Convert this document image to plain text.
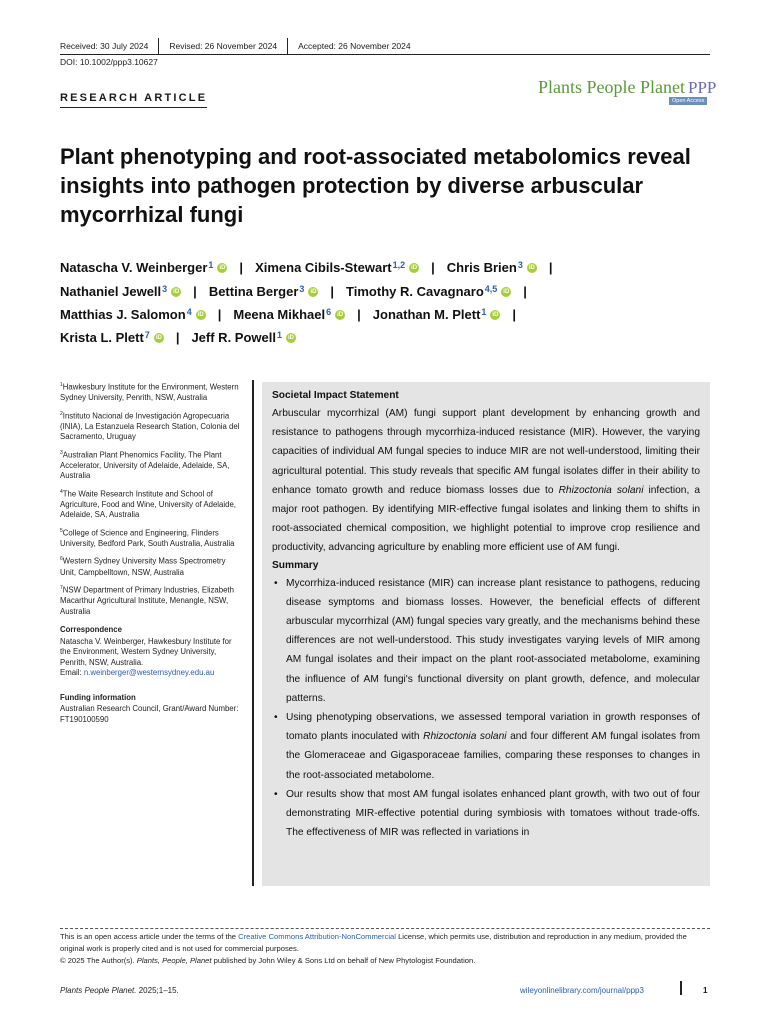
Received: 30 July 2024 Revised: 26 November 2024 Accepted: 26 November 2024
DOI: 10.1002/ppp3.10627
RESEARCH ARTICLE
Plants People Planet PPP
Open Access
Plant phenotyping and root-associated metabolomics reveal insights into pathogen protection by diverse arbuscular mycorrhizal fungi
Natascha V. Weinberger$^1$	iD | Ximena Cibils-Stewart$^{1,2}$	iD | Chris Brien$^3$	iD |
Nathaniel Jewell$^3$	iD | Bettina Berger$^3$	iD | Timothy R. Cavagnaro$^{4,5}$	iD |
Matthias J. Salomon$^4$	iD | Meena Mikhael$^6$	iD | Jonathan M. Plett$^1$	iD |
Krista L. Plett$^7$	iD | Jeff R. Powell$^1$	iD
$^1$Hawkesbury Institute for the Environment, Western Sydney University, Penrith, NSW, Australia
$^2$Instituto Nacional de Investigación Agropecuaria (INIA), La Estanzuela Research Station, Colonia del Sacramento, Uruguay
$^3$Australian Plant Phenomics Facility, The Plant Accelerator, University of Adelaide, Adelaide, SA, Australia
$^4$The Waite Research Institute and School of Agriculture, Food and Wine, University of Adelaide, Adelaide, SA, Australia
$^5$College of Science and Engineering, Flinders University, Bedford Park, South Australia, Australia
$^6$Western Sydney University Mass Spectrometry Unit, Campbelltown, NSW, Australia
$^7$NSW Department of Primary Industries, Elizabeth Macarthur Agricultural Institute, Menangle, NSW, Australia
Correspondence
Natascha V. Weinberger, Hawkesbury Institute for the Environment, Western Sydney University, Penrith, NSW, Australia.
Email: n.weinberger@westernsydney.edu.au
Funding information
Australian Research Council, Grant/Award Number: FT190100590
Societal Impact Statement

Arbuscular mycorrhizal (AM) fungi support plant development by enhancing growth and resistance to pathogens through mycorrhiza-induced resistance (MIR). However, the varying capacities of individual AM fungal species to induce MIR are not well-understood, limiting their agricultural potential. This study reveals that specific AM fungal isolates differ in their ability to enhance tomato growth and reduce biomass losses due to Rhizoctonia solani infection, a major root pathogen. By identifying MIR-effective fungal isolates and linking them to shifts in root-associated chemical composition, we highlight potential to improve crop resilience and productivity, advancing agriculture by enabling more efficient use of AM fungi.

Summary
• Mycorrhiza-induced resistance (MIR) can increase plant resistance to pathogens, reducing disease symptoms and biomass losses. However, the beneficial effects of different arbuscular mycorrhizal (AM) fungal species vary greatly, and the mechanisms behind these differences are not well-understood. This study investigates varying levels of MIR among AM fungal isolates and their impact on the plant root-associated metabolome, examining the influence of AM fungi's functional diversity on plant growth, defence, and molecular patterns.
• Using phenotyping observations, we assessed temporal variation in growth responses of tomato plants inoculated with Rhizoctonia solani and four different AM fungal isolates from the Glomeraceae and Gigasporaceae families, comparing these responses to changes in the root-associated metabolome.
• Our results show that most AM fungal isolates enhanced plant growth, with two out of four demonstrating MIR-effective potential during symbiosis with tomatoes without trade-offs. The effectiveness of MIR was reflected in variations in
This is an open access article under the terms of the Creative Commons Attribution-NonCommercial License, which permits use, distribution and reproduction in any medium, provided the original work is properly cited and is not used for commercial purposes.
© 2025 The Author(s). Plants, People, Planet published by John Wiley & Sons Ltd on behalf of New Phytologist Foundation.
Plants People Planet. 2025;1–15.	wileyonlinelibrary.com/journal/ppp3	1
